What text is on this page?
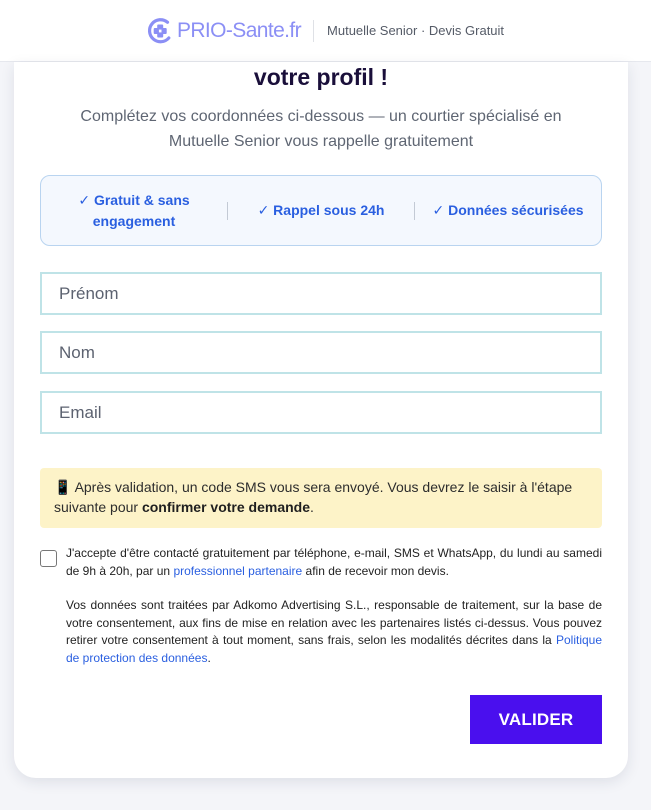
PRIO-Sante.fr Mutuelle Senior · Devis Gratuit
votre profil !

Complétez vos coordonnées ci-dessous — un courtier spécialisé en Mutuelle Senior vous rappelle gratuitement

✓ Gratuit & sans engagement
✓ Rappel sous 24h	✓ Données sécurisées
Prénom
Nom
Email
📱 Après validation, un code SMS vous sera envoyé. Vous devrez le saisir à l'étape suivante pour confirmer votre demande.

J'accepte d'être contacté gratuitement par téléphone, e-mail, SMS et WhatsApp, du lundi au samedi de 9h à 20h, par un professionnel partenaire afin de recevoir mon devis.

Vos données sont traitées par Adkomo Advertising S.L., responsable de traitement, sur la base de votre consentement, aux fins de mise en relation avec les partenaires listés ci-dessus. Vous pouvez retirer votre consentement à tout moment, sans frais, selon les modalités décrites dans la Politique de protection des données.

VALIDER
